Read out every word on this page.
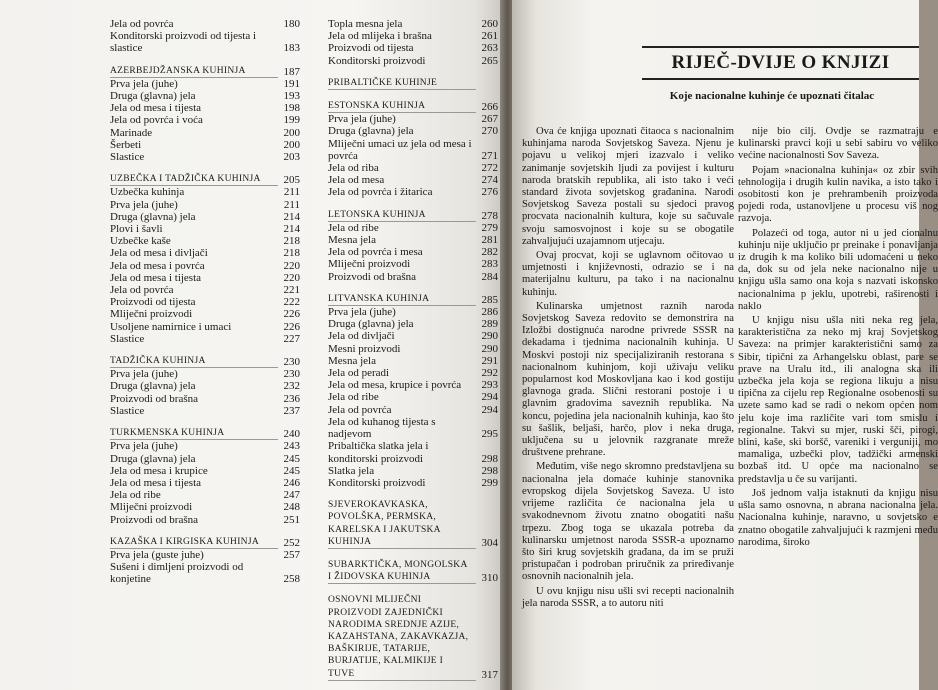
Jela od povrća	180
Konditorski proizvodi od tijesta i slastice	183
AZERBEJDŽANSKA KUHINJA	187
Prva jela (juhe)	191
Druga (glavna) jela	193
Jela od mesa i tijesta	198
Jela od povrća i voća	199
Marinade	200
Šerbeti	200
Slastice	203
UZBEČKA I TADŽIČKA KUHINJA	205
Uzbečka kuhinja	211
Prva jela (juhe)	211
Druga (glavna) jela	214
Plovi i šavli	214
Uzbečke kaše	218
Jela od mesa i divljači	218
Jela od mesa i povrća	220
Jela od mesa i tijesta	220
Jela od povrća	221
Proizvodi od tijesta	222
Mliječni proizvodi	226
Usoljene namirnice i umaci	226
Slastice	227
TADŽIČKA KUHINJA	230
Prva jela (juhe)	230
Druga (glavna) jela	232
Proizvodi od brašna	236
Slastice	237
TURKMENSKA KUHINJA	240
Prva jela (juhe)	243
Druga (glavna) jela	245
Jela od mesa i krupice	245
Jela od mesa i tijesta	246
Jela od ribe	247
Mliječni proizvodi	248
Proizvodi od brašna	251
KAZAŠKA I KIRGISKA KUHINJA	252
Prva jela (guste juhe)	257
Sušeni i dimljeni proizvodi od konjetine	258
Topla mesna jela	260
Jela od mlijeka i brašna	261
Proizvodi od tijesta	263
Konditorski proizvodi	265
PRIBALTIČKE KUHINJE
ESTONSKA KUHINJA	266
Prva jela (juhe)	267
Druga (glavna) jela	270
Mliječni umaci uz jela od mesa i povrća	271
Jela od riba	272
Jela od mesa	274
Jela od povrća i žitarica	276
LETONSKA KUHINJA	278
Jela od ribe	279
Mesna jela	281
Jela od povrća i mesa	282
Mliječni proizvodi	283
Proizvodi od brašna	284
LITVANSKA KUHINJA	285
Prva jela (juhe)	286
Druga (glavna) jela	289
Jela od divljači	290
Mesni proizvodi	290
Mesna jela	291
Jela od peradi	292
Jela od mesa, krupice i povrća	293
Jela od ribe	294
Jela od povrća	294
Jela od kuhanog tijesta s nadjevom	295
Pribaltička slatka jela i konditorski proizvodi	298
Slatka jela	298
Konditorski proizvodi	299
SJEVEROKAVKASKA, POVOLŠKA, PERMSKA, KARELSKA I JAKUTSKA KUHINJA	304
SUBARKTIČKA, MONGOLSKA I ŽIDOVSKA KUHINJA	310
OSNOVNI MLIJEČNI PROIZVODI ZAJEDNIČKI NARODIMA SREDNJE AZIJE, KAZAHSTANA, ZAKAVKAZJA, BAŠKIRIJE, TATARIJE, BURJATIJE, KALMIKIJE I TUVE	317
RIJEČ-DVIJE O KNJIZI
Koje nacionalne kuhinje će upoznati čitalac

Ova će knjiga upoznati čitaoca s nacionalnim kuhinjama naroda Sovjetskog Saveza. Njenu je pojavu u velikoj mjeri izazvalo i veliko zanimanje sovjetskih ljudi za povijest i kulturu naroda bratskih republika, ali isto tako i veći standard života sovjetskog građanina. Narodi Sovjetskog Saveza postali su sjedoci pravog procvata nacionalnih kultura, koje su sačuvale svoju samosvojnost i koje su se obogatile zahvaljujući uzajamnom utjecaju.

Ovaj procvat, koji se uglavnom očitovao u umjetnosti i književnosti, odrazio se i na materijalnu kulturu, pa tako i na nacionalnu kuhinju.

Kulinarska umjetnost raznih naroda Sovjetskog Saveza redovito se demonstrira na Izložbi dostignuća narodne privrede SSSR na dekadama i tjednima nacionalnih kuhinja. U Moskvi postoji niz specijaliziranih restorana s nacionalnom kuhinjom, koji uživaju veliku popularnost kod Moskovljana kao i kod gostiju glavnoga grada. Slični restorani postoje i u glavnim gradovima saveznih republika. Na koncu, pojedina jela nacionalnih kuhinja, kao što su šašlik, beljaši, harčo, plov i neka druga, uključena su u jelovnik razgranate mreže društvene prehrane.

Međutim, više nego skromno predstavljena su nacionalna jela domaće kuhinje stanovnika evropskog dijela Sovjetskog Saveza. U isto vrijeme različita će nacionalna jela u svakodnevnom životu znatno obogatiti našu trpezu. Zbog toga se ukazala potreba da kulinarsku umjetnost naroda SSSR-a upoznamo što širi krug sovjetskih građana, da im se pruži pristupačan i podroban priručnik za priređivanje osnovnih nacionalnih jela.

U ovu knjigu nisu ušli svi recepti nacionalnih jela naroda SSSR, a to autoru niti

nije bio cilj. Ovdje se razmatraju e kulinarski pravci koji u sebi sabiru vo veliko većine nacionalnosti Sov Saveza.

Pojam »nacionalna kuhinja« oz zbir svih tehnologija i drugih kulin navika, a isto tako i osobitosti kon je prehrambenih proizvoda pojedi roda, ustanovljene u procesu viš nog razvoja.

Polazeći od toga, autor ni u jed cionalnu kuhinju nije uključio pr preinake i ponavljanja iz drugih k ma koliko bili udomaćeni u neko da, dok su od jela neke nacionalno nije u knjigu ušla samo ona koja s nazvati iskonsko nacionalnima p jeklu, upotrebi, raširenosti i naklo

U knjigu nisu ušla niti neka reg jela, karakteristična za neko mj kraj Sovjetskog Saveza: na primjer karakteristični samo za Sibir, tipični za Arhangelsku oblast, pare se prave na Uralu itd., ili analogna ska ili uzbečka jela koja se regiona likuju a nisu tipična za cijelu rep Regionalne osobenosti su uzete samo kad se radi o nekom općen nom jelu koje ima različite vari tom smislu i regionalne. Takvi su mjer, ruski šči, pirogi, blini, kaše, ski boršč, vareniki i verguniji, mo mamaliga, uzbečki plov, tadžički armenski bozbaš itd. U opće ma nacionalno se predstavlja u če su varijanti.

Još jednom valja istaknuti da knjigu nisu ušla samo osnovna, n abrana nacionalna jela. Nacionalna kuhinje, naravno, u sovjetsko e znatno obogatile zahvaljujući k razmjeni među narodima, široko
